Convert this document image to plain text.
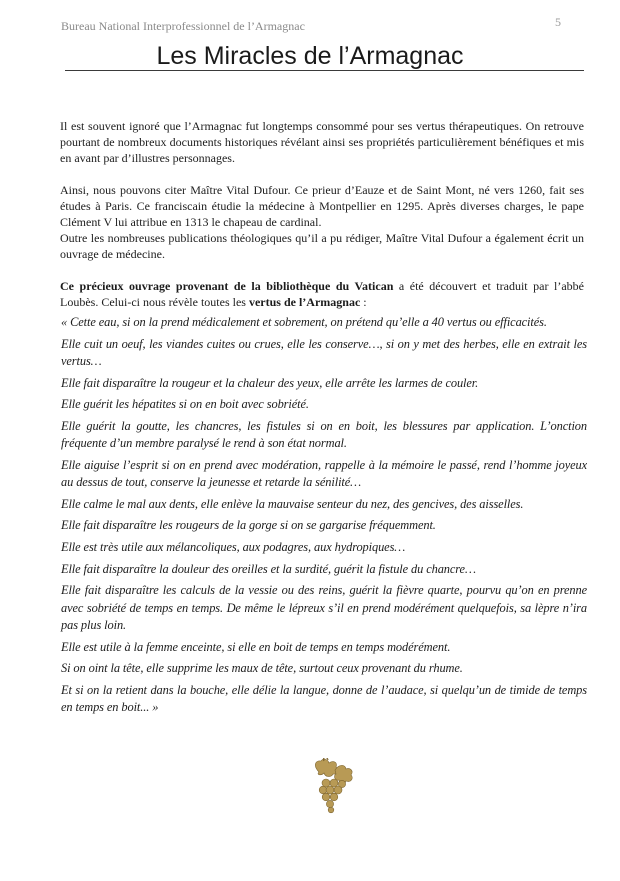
Bureau National Interprofessionnel de l’Armagnac	5
Les Miracles de l’Armagnac

Il est souvent ignoré que l’Armagnac fut longtemps consommé pour ses vertus thérapeutiques. On retrouve pourtant de nombreux documents historiques révélant ainsi ses propriétés particulièrement bénéfiques et mis en avant par d’illustres personnages.

Ainsi, nous pouvons citer Maître Vital Dufour. Ce prieur d’Eauze et de Saint Mont, né vers 1260, fait ses études à Paris. Ce franciscain étudie la médecine à Montpellier en 1295. Après diverses charges, le pape Clément V lui attribue en 1313 le chapeau de cardinal.

Outre les nombreuses publications théologiques qu’il a pu rédiger, Maître Vital Dufour a également écrit un ouvrage de médecine.

Ce précieux ouvrage provenant de la bibliothèque du Vatican a été découvert et traduit par l’abbé Loubès. Celui-ci nous révèle toutes les vertus de l’Armagnac :

« Cette eau, si on la prend médicalement et sobrement, on prétend qu’elle a 40 vertus ou efficacités.

Elle cuit un oeuf, les viandes cuites ou crues, elle les conserve…, si on y met des herbes, elle en extrait les vertus…

Elle fait disparaître la rougeur et la chaleur des yeux, elle arrête les larmes de couler.

Elle guérit les hépatites si on en boit avec sobriété.

Elle guérit la goutte, les chancres, les fistules si on en boit, les blessures par application. L’onction fréquente d’un membre paralysé le rend à son état normal.

Elle aiguise l’esprit si on en prend avec modération, rappelle à la mémoire le passé, rend l’homme joyeux au dessus de tout, conserve la jeunesse et retarde la sénilité…

Elle calme le mal aux dents, elle enlève la mauvaise senteur du nez, des gencives, des aisselles.

Elle fait disparaître les rougeurs de la gorge si on se gargarise fréquemment.

Elle est très utile aux mélancoliques, aux podagres, aux hydropiques…

Elle fait disparaître la douleur des oreilles et la surdité, guérit la fistule du chancre…

Elle fait disparaître les calculs de la vessie ou des reins, guérit la fièvre quarte, pourvu qu’on en prenne avec sobriété de temps en temps. De même le lépreux s’il en prend modérément quelquefois, sa lèpre n’ira pas plus loin.

Elle est utile à la femme enceinte, si elle en boit de temps en temps modérément.

Si on oint la tête, elle supprime les maux de tête, surtout ceux provenant du rhume.

Et si on la retient dans la bouche, elle délie la langue, donne de l’audace, si quelqu’un de timide de temps en temps en boit... »
